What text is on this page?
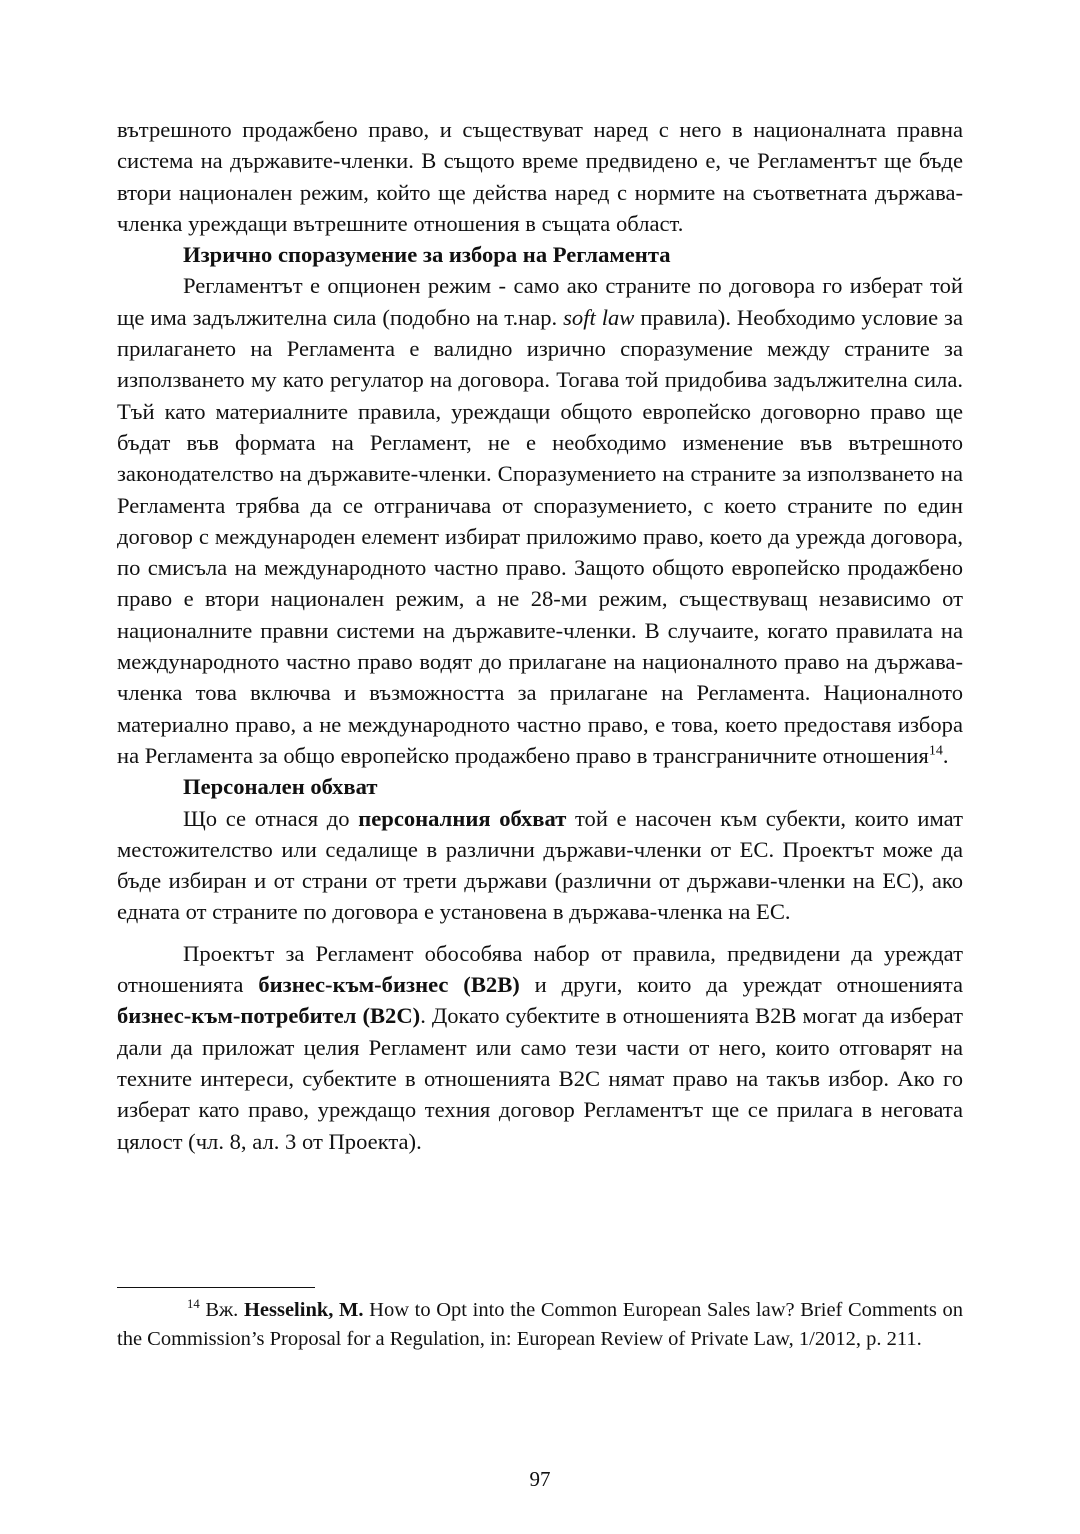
вътрешното продажбено право, и съществуват наред с него в националната правна система на държавите-членки. В същото време предвидено е, че Регламентът ще бъде втори национален режим, който ще действа наред с нормите на съответната държава-членка уреждащи вътрешните отношения в същата област.

Изрично споразумение за избора на Регламента

Регламентът е опционен режим - само ако страните по договора го изберат той ще има задължителна сила (подобно на т.нар. soft law правила). Необходимо условие за прилагането на Регламента е валидно изрично споразумение между страните за използването му като регулатор на договора. Тогава той придобива задължителна сила. Тъй като материалните правила, уреждащи общото европейско договорно право ще бъдат във формата на Регламент, не е необходимо изменение във вътрешното законодателство на държавите-членки. Споразумението на страните за използването на Регламента трябва да се отграничава от споразумението, с което страните по един договор с международен елемент избират приложимо право, което да урежда договора, по смисъла на международното частно право. Защото общото европейско продажбено право е втори национален режим, а не 28-ми режим, съществуващ независимо от националните правни системи на държавите-членки. В случаите, когато правилата на международното частно право водят до прилагане на националното право на държава-членка това включва и възможността за прилагане на Регламента. Националното материално право, а не международното частно право, е това, което предоставя избора на Регламента за общо европейско продажбено право в трансграничните отношения$^{14}$.

Персонален обхват

Що се отнася до персоналния обхват той е насочен към субекти, които имат местожителство или седалище в различни държави-членки от ЕС. Проектът може да бъде избиран и от страни от трети държави (различни от държави-членки на ЕС), ако едната от страните по договора е установена в държава-членка на ЕС.

Проектът за Регламент обособява набор от правила, предвидени да уреждат отношенията бизнес-към-бизнес (B2B) и други, които да уреждат отношенията бизнес-към-потребител (B2C). Докато субектите в отношенията B2B могат да изберат дали да приложат целия Регламент или само тези части от него, които отговарят на техните интереси, субектите в отношенията B2C нямат право на такъв избор. Ако го изберат като право, уреждащо техния договор Регламентът ще се прилага в неговата цялост (чл. 8, ал. 3 от Проекта).

$^{14}$ Вж. Hesselink, M. How to Opt into the Common European Sales law? Brief Comments on the Commission’s Proposal for a Regulation, in: European Review of Private Law, 1/2012, p. 211.

97
